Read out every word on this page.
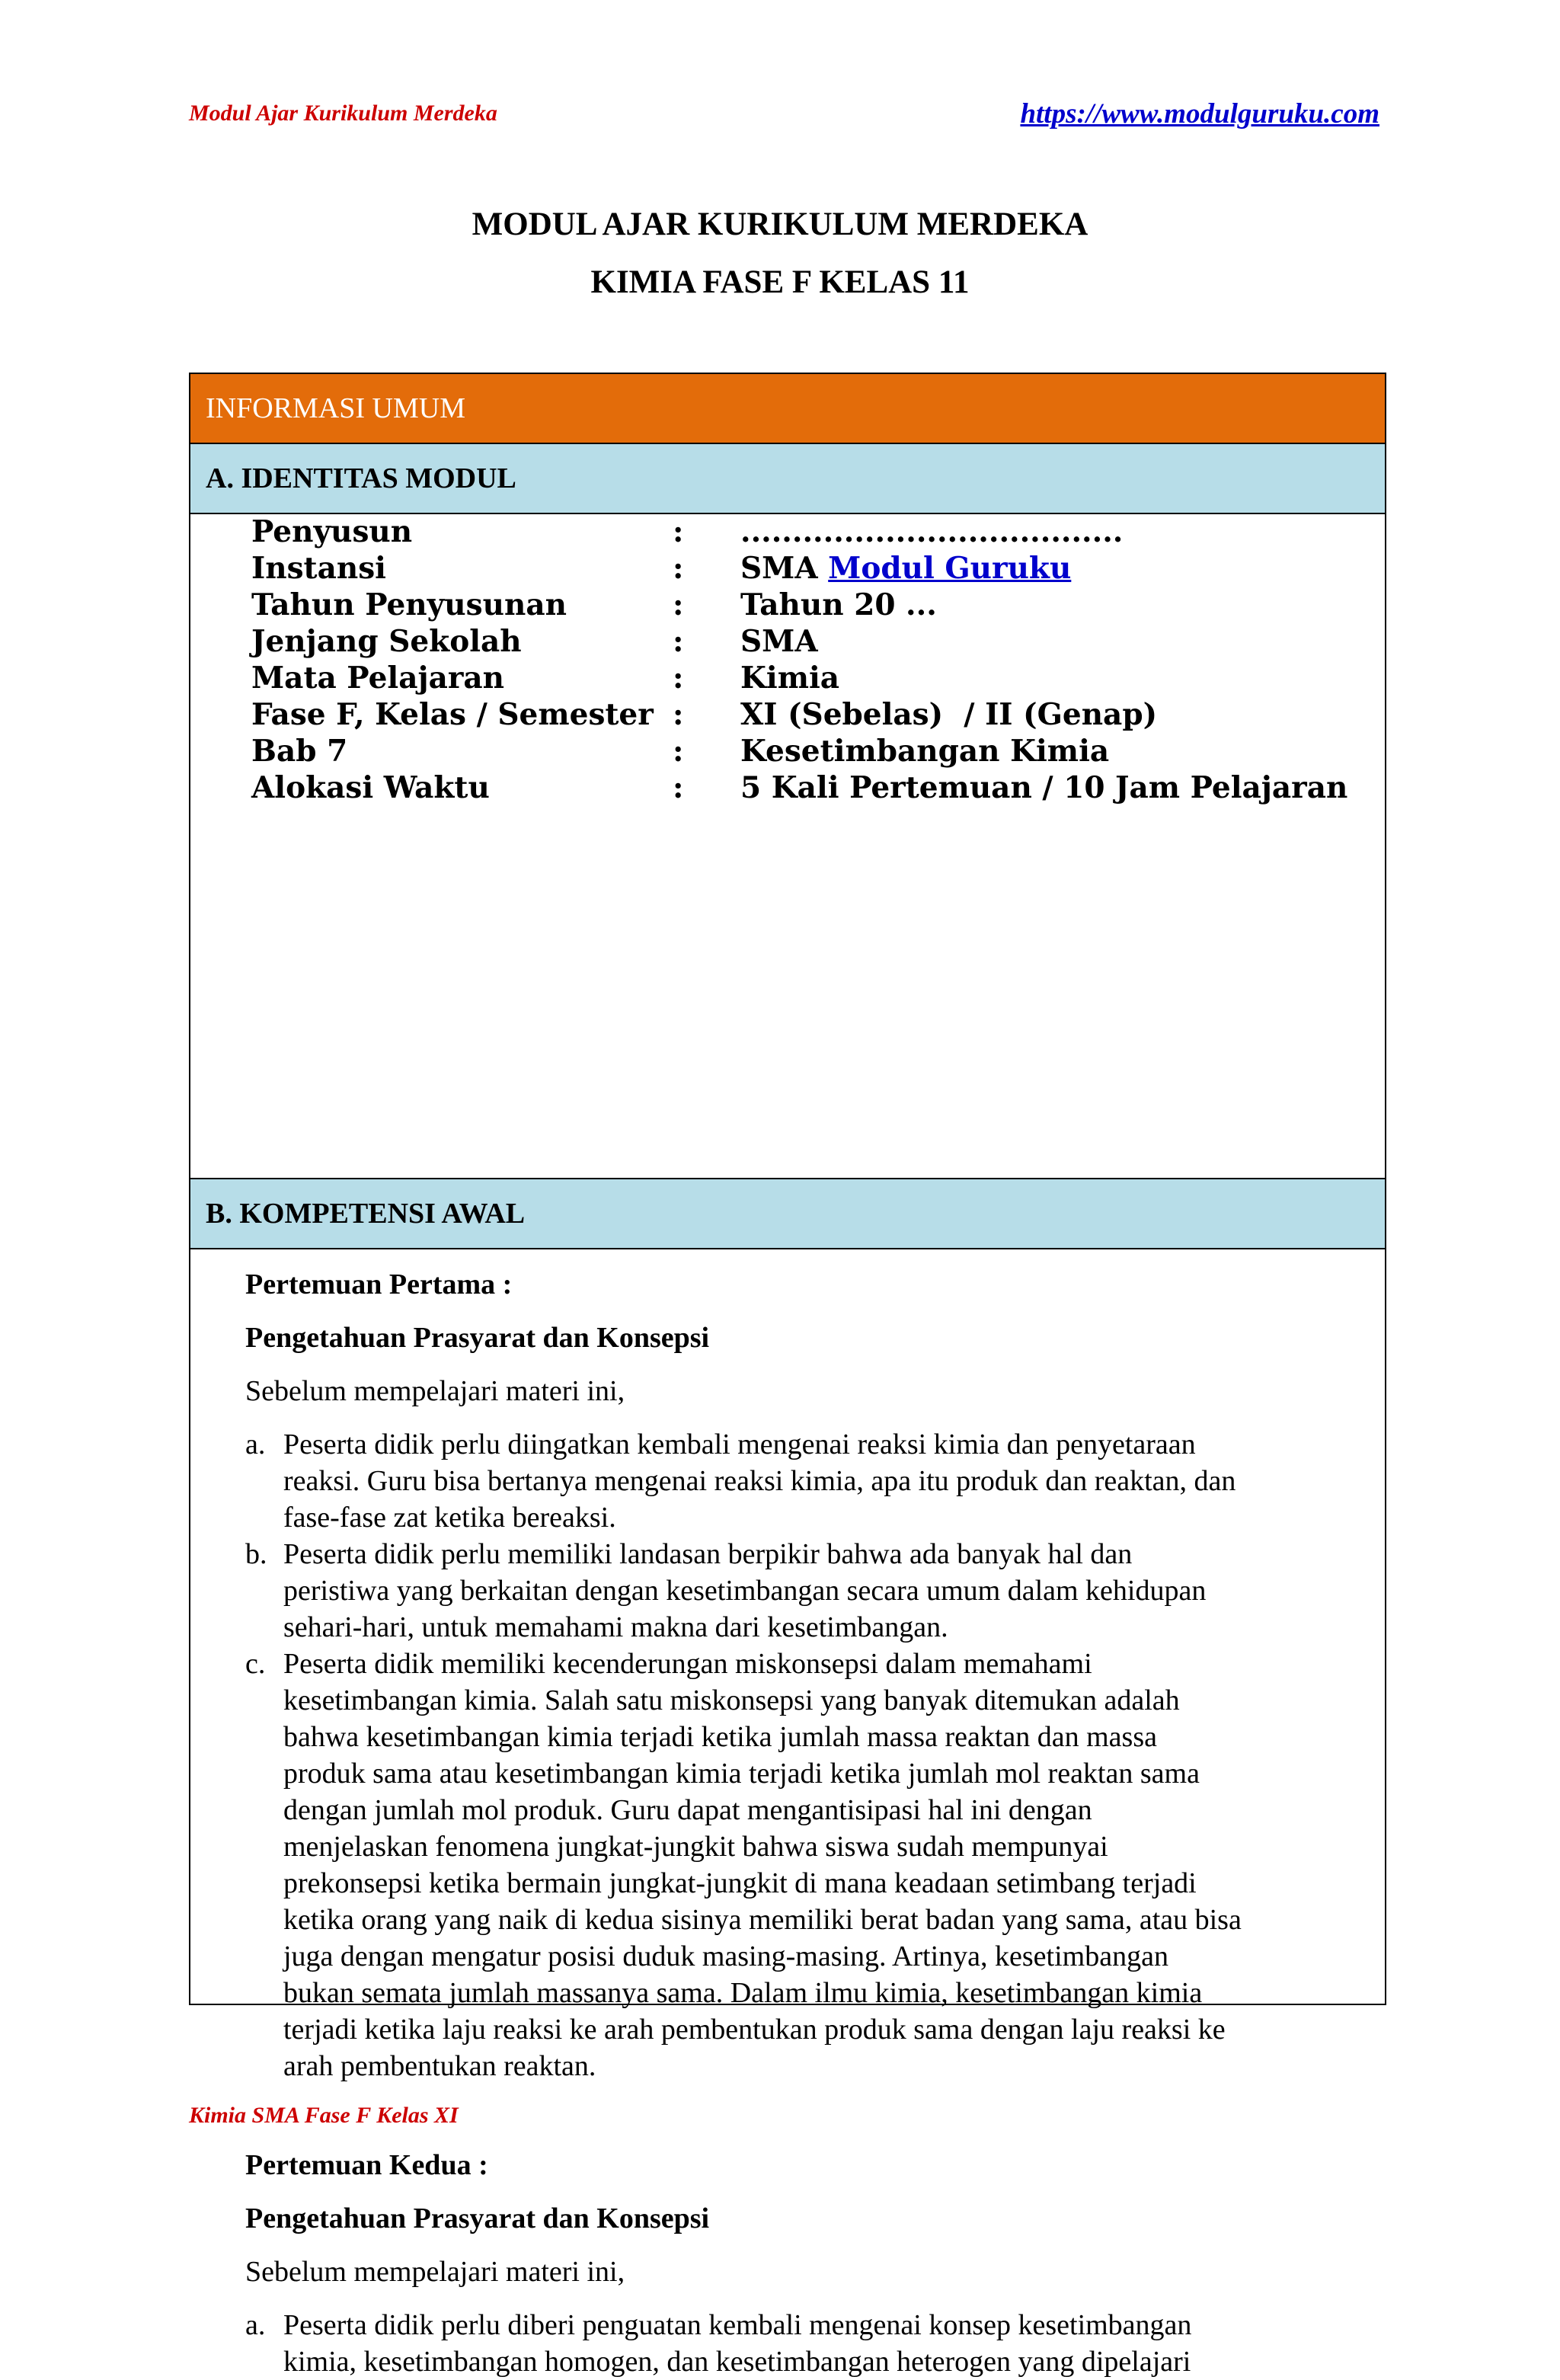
Modul Ajar Kurikulum Merdeka	https://www.modulguruku.com
MODUL AJAR KURIKULUM MERDEKA
KIMIA FASE F KELAS 11
INFORMASI UMUM
A. IDENTITAS MODUL
Penyusun	: .....................................
Instansi	: SMA Modul Guruku
Tahun Penyusunan	: Tahun 20 ...
Jenjang Sekolah	: SMA
Mata Pelajaran	: Kimia
Fase F, Kelas / Semester : XI (Sebelas)  / II (Genap)
Bab 7	: Kesetimbangan Kimia
Alokasi Waktu	: 5 Kali Pertemuan / 10 Jam Pelajaran
B. KOMPETENSI AWAL
Pertemuan Pertama :
Pengetahuan Prasyarat dan Konsepsi
Sebelum mempelajari materi ini,
a. Peserta didik perlu diingatkan kembali mengenai reaksi kimia dan penyetaraan
reaksi. Guru bisa bertanya mengenai reaksi kimia, apa itu produk dan reaktan, dan
fase-fase zat ketika bereaksi.
b. Peserta didik perlu memiliki landasan berpikir bahwa ada banyak hal dan
peristiwa yang berkaitan dengan kesetimbangan secara umum dalam kehidupan
sehari-hari, untuk memahami makna dari kesetimbangan.
c. Peserta didik memiliki kecenderungan miskonsepsi dalam memahami
kesetimbangan kimia. Salah satu miskonsepsi yang banyak ditemukan adalah
bahwa kesetimbangan kimia terjadi ketika jumlah massa reaktan dan massa
produk sama atau kesetimbangan kimia terjadi ketika jumlah mol reaktan sama
dengan jumlah mol produk. Guru dapat mengantisipasi hal ini dengan
menjelaskan fenomena jungkat-jungkit bahwa siswa sudah mempunyai
prekonsepsi ketika bermain jungkat-jungkit di mana keadaan setimbang terjadi
ketika orang yang naik di kedua sisinya memiliki berat badan yang sama, atau bisa
juga dengan mengatur posisi duduk masing-masing. Artinya, kesetimbangan
bukan semata jumlah massanya sama. Dalam ilmu kimia, kesetimbangan kimia
terjadi ketika laju reaksi ke arah pembentukan produk sama dengan laju reaksi ke
arah pembentukan reaktan.
Pertemuan Kedua :
Pengetahuan Prasyarat dan Konsepsi
Sebelum mempelajari materi ini,
a. Peserta didik perlu diberi penguatan kembali mengenai konsep kesetimbangan
kimia, kesetimbangan homogen, dan kesetimbangan heterogen yang dipelajari
Kimia SMA Fase F Kelas XI
